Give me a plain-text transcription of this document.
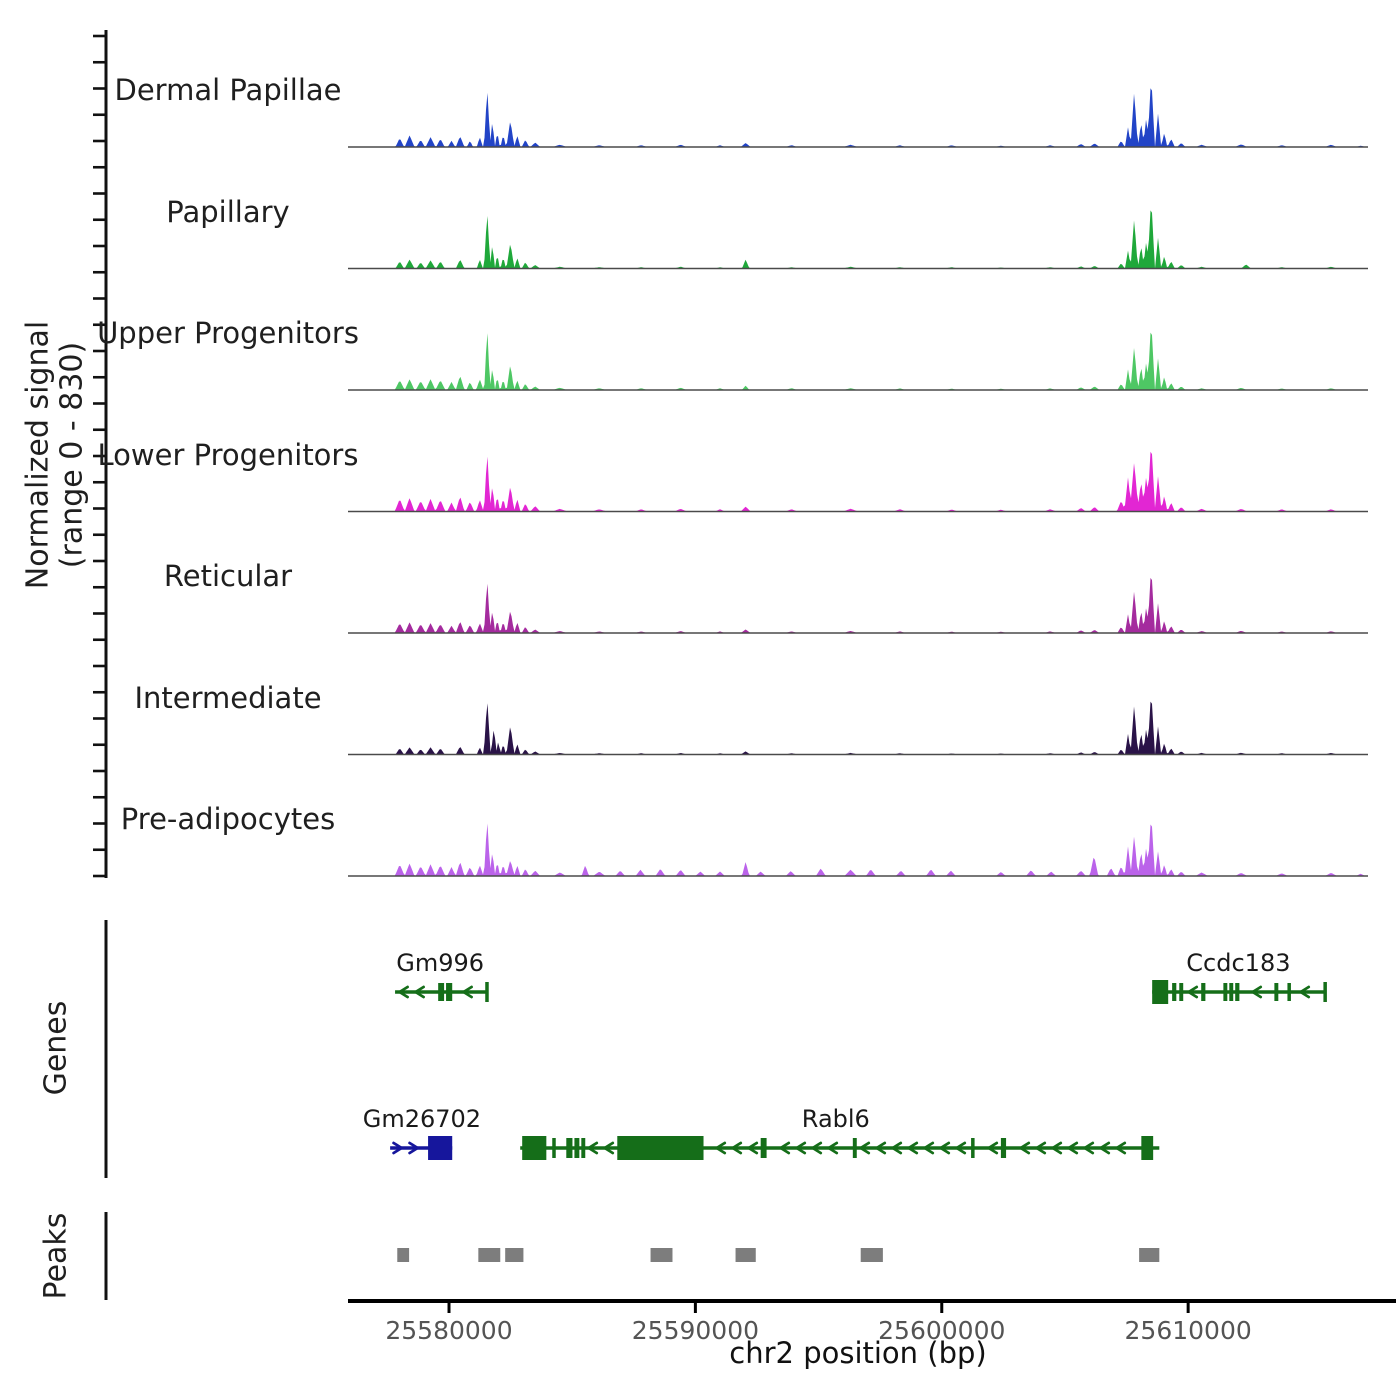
Normalized signal (range 0 - 830)
Genes
Peaks
chr2 position (bp)
Dermal Papillae
Papillary
Upper Progenitors
Lower Progenitors
Reticular
Intermediate
Pre-adipocytes
25580000	25590000	25600000	25610000
Gm996	Ccdc183
Gm26702	Rabl6
